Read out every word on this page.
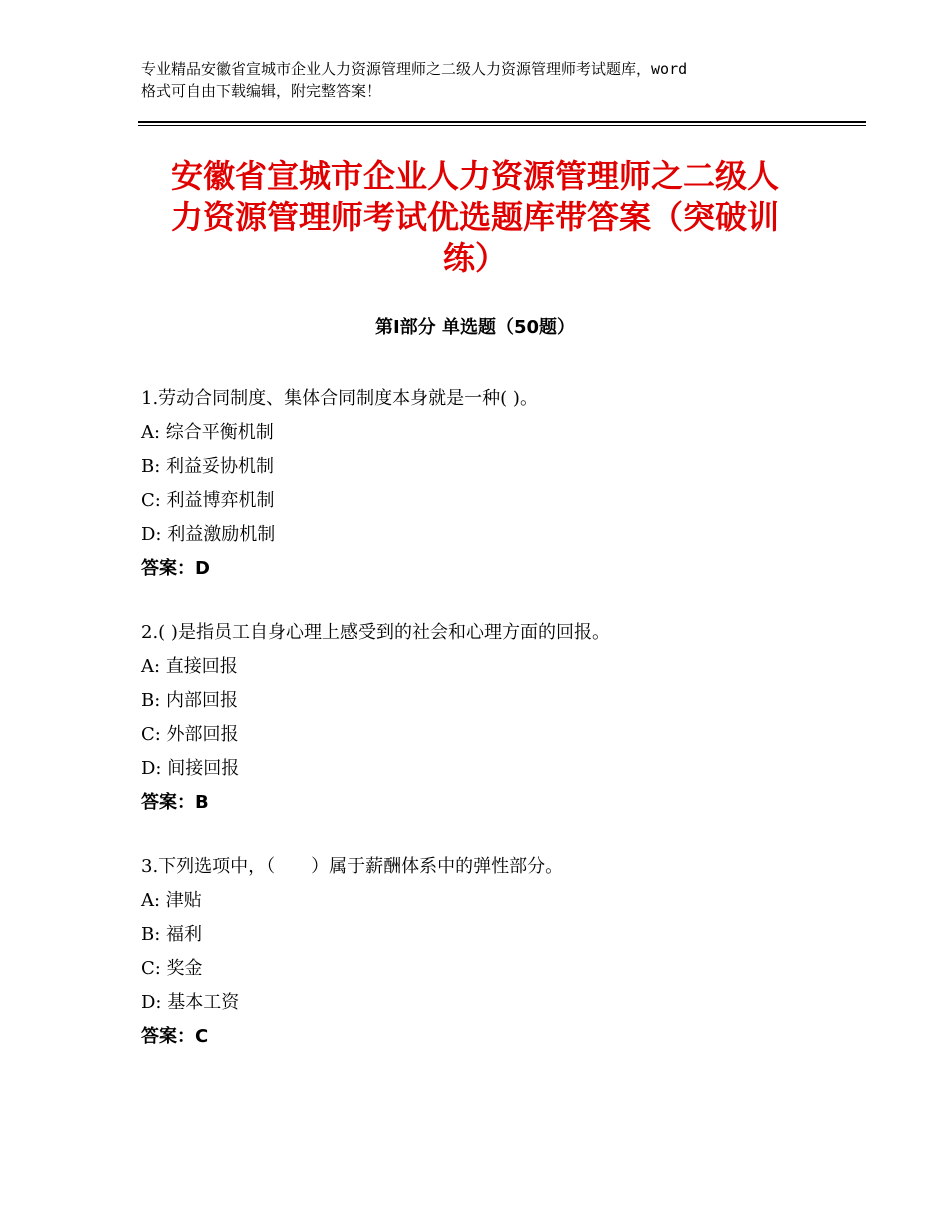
专业精品安徽省宣城市企业人力资源管理师之二级人力资源管理师考试题库，word
格式可自由下载编辑，附完整答案！
安徽省宣城市企业人力资源管理师之二级人
力资源管理师考试优选题库带答案（突破训
练）
第Ⅰ部分 单选题（50题）
1.劳动合同制度、集体合同制度本身就是一种( )。
A: 综合平衡机制
B: 利益妥协机制
C: 利益博弈机制
D: 利益激励机制
答案：D
2.( )是指员工自身心理上感受到的社会和心理方面的回报。
A: 直接回报
B: 内部回报
C: 外部回报
D: 间接回报
答案：B
3.下列选项中，（　　）属于薪酬体系中的弹性部分。
A: 津贴
B: 福利
C: 奖金
D: 基本工资
答案：C
